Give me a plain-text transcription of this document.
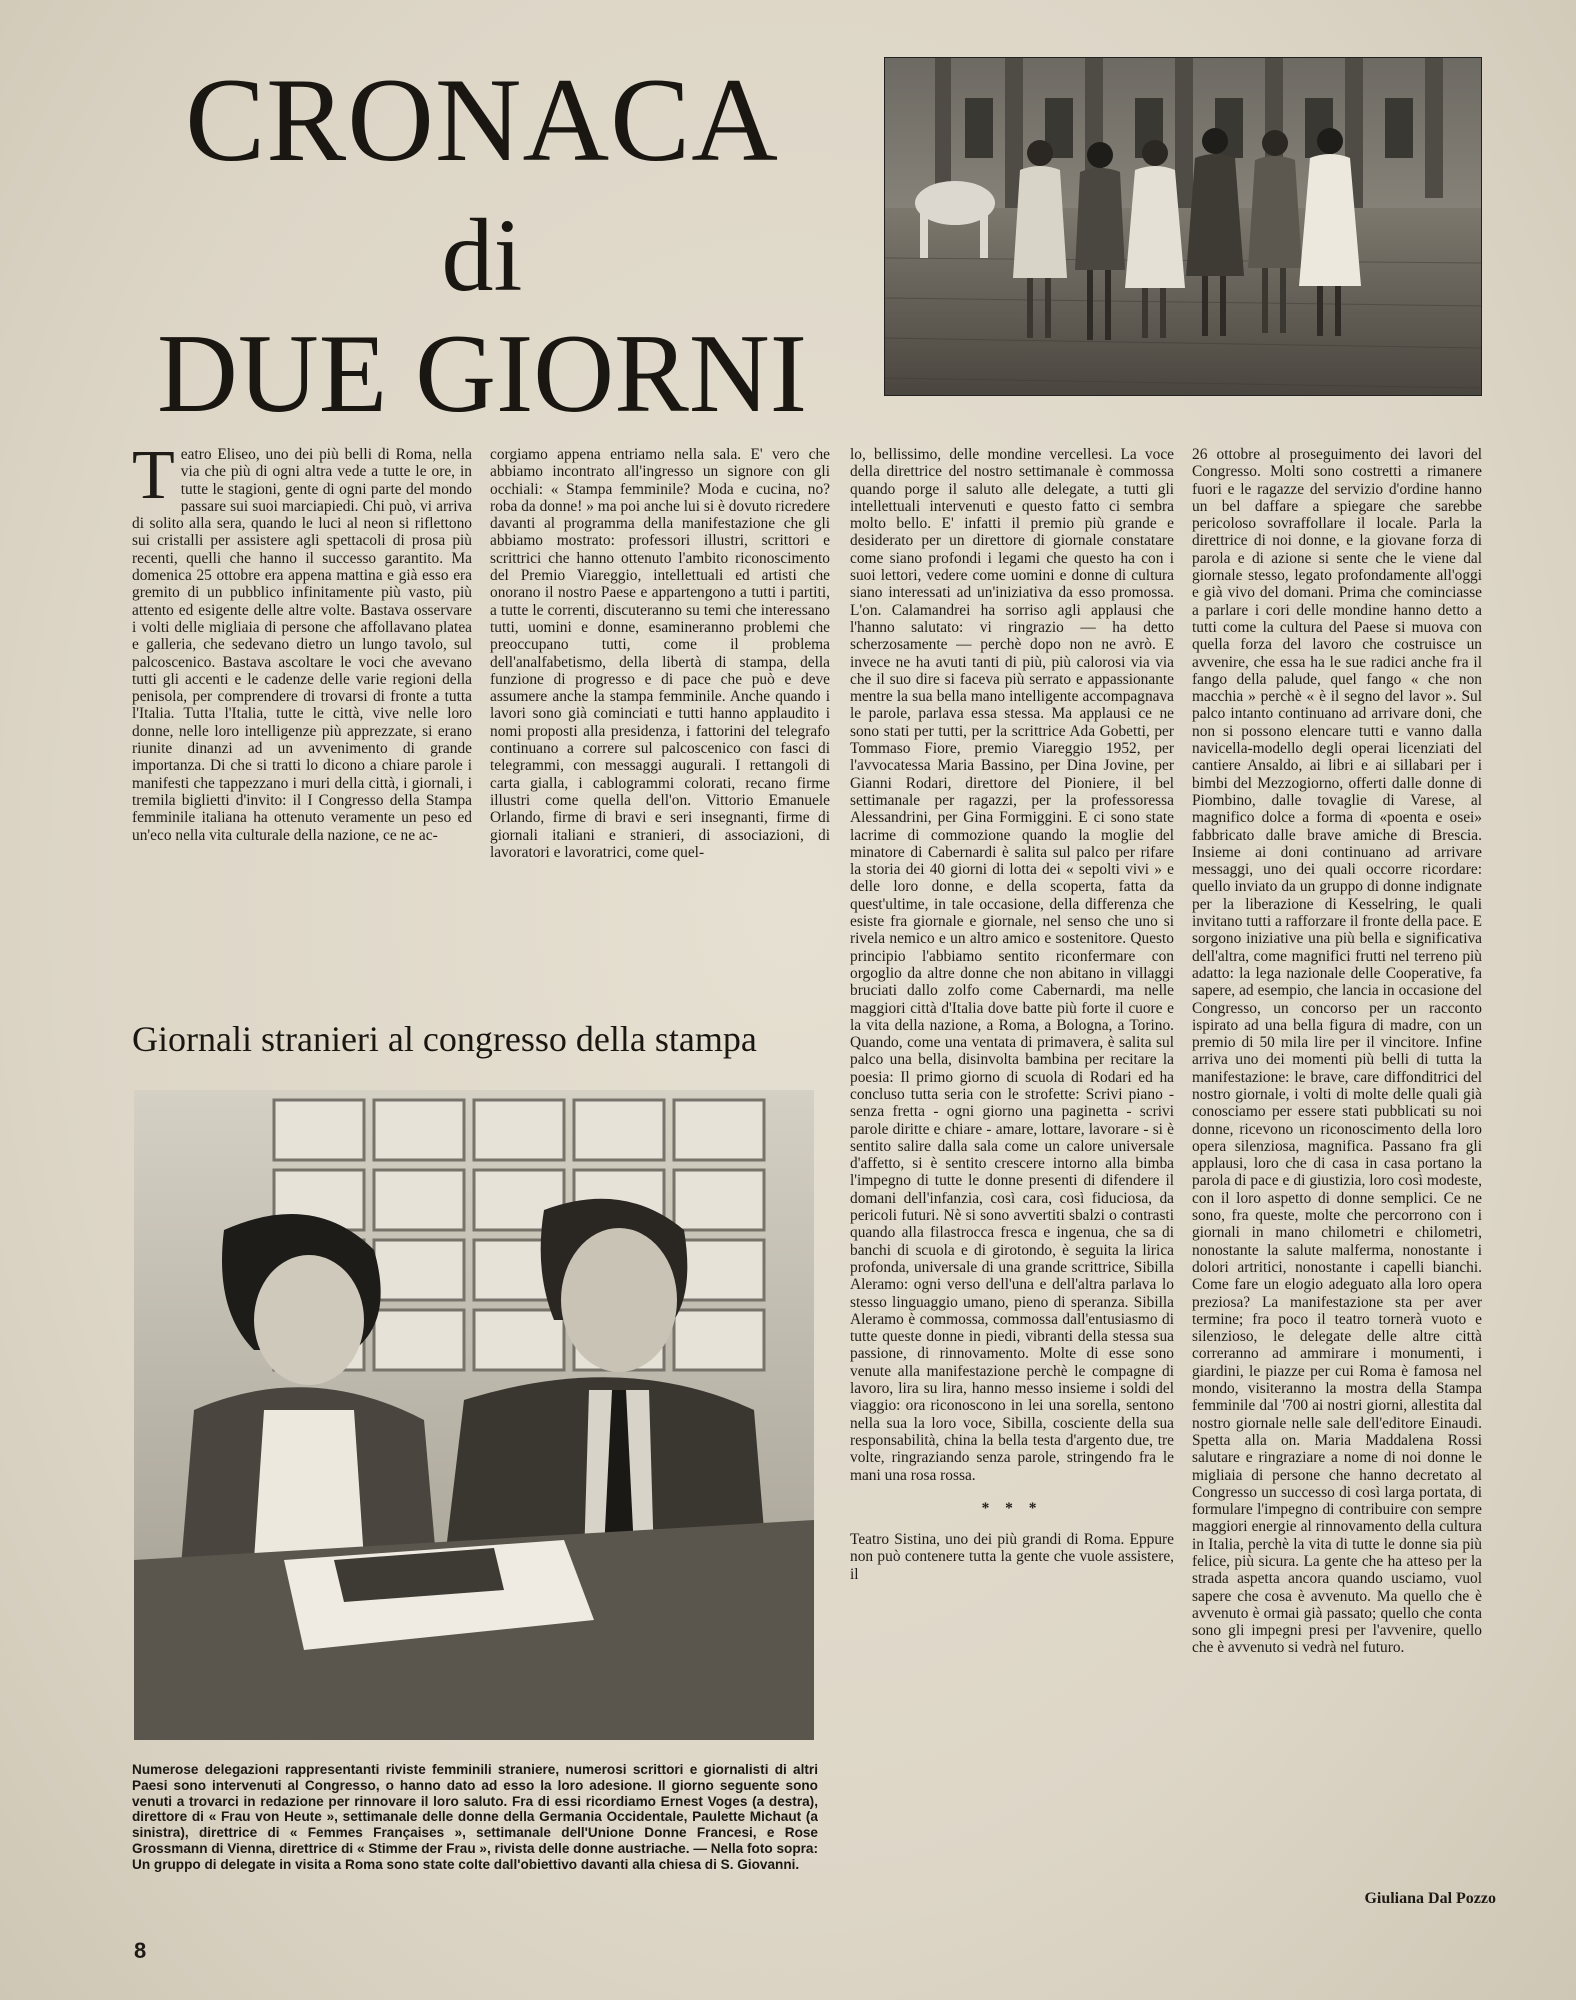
CRONACA
di
DUE GIORNI
Teatro Eliseo, uno dei più belli di Roma, nella via che più di ogni altra vede a tutte le ore, in tutte le stagioni, gente di ogni parte del mondo passare sui suoi marciapiedi. Chi può, vi arriva di solito alla sera, quando le luci al neon si riflettono sui cristalli per assistere agli spettacoli di prosa più recenti, quelli che hanno il successo garantito. Ma domenica 25 ottobre era appena mattina e già esso era gremito di un pubblico infinitamente più vasto, più attento ed esigente delle altre volte. Bastava osservare i volti delle migliaia di persone che affollavano platea e galleria, che sedevano dietro un lungo tavolo, sul palcoscenico. Bastava ascoltare le voci che avevano tutti gli accenti e le cadenze delle varie regioni della penisola, per comprendere di trovarsi di fronte a tutta l'Italia. Tutta l'Italia, tutte le città, vive nelle loro donne, nelle loro intelligenze più apprezzate, si erano riunite dinanzi ad un avvenimento di grande importanza. Di che si tratti lo dicono a chiare parole i manifesti che tappezzano i muri della città, i giornali, i tremila biglietti d'invito: il I Congresso della Stampa femminile italiana ha ottenuto veramente un peso ed un'eco nella vita culturale della nazione, ce ne ac-

corgiamo appena entriamo nella sala. E' vero che abbiamo incontrato all'ingresso un signore con gli occhiali: « Stampa femminile? Moda e cucina, no? roba da donne! » ma poi anche lui si è dovuto ricredere davanti al programma della manifestazione che gli abbiamo mostrato: professori illustri, scrittori e scrittrici che hanno ottenuto l'ambito riconoscimento del Premio Viareggio, intellettuali ed artisti che onorano il nostro Paese e appartengono a tutti i partiti, a tutte le correnti, discuteranno su temi che interessano tutti, uomini e donne, esamineranno problemi che preoccupano tutti, come il problema dell'analfabetismo, della libertà di stampa, della funzione di progresso e di pace che può e deve assumere anche la stampa femminile. Anche quando i lavori sono già cominciati e tutti hanno applaudito i nomi proposti alla presidenza, i fattorini del telegrafo continuano a correre sul palcoscenico con fasci di telegrammi, con messaggi augurali. I rettangoli di carta gialla, i cablogrammi colorati, recano firme illustri come quella dell'on. Vittorio Emanuele Orlando, firme di bravi e seri insegnanti, firme di giornali italiani e stranieri, di associazioni, di lavoratori e lavoratrici, come quel-

lo, bellissimo, delle mondine vercellesi. La voce della direttrice del nostro settimanale è commossa quando porge il saluto alle delegate, a tutti gli intellettuali intervenuti e questo fatto ci sembra molto bello. E' infatti il premio più grande e desiderato per un direttore di giornale constatare come siano profondi i legami che questo ha con i suoi lettori, vedere come uomini e donne di cultura siano interessati ad un'iniziativa da esso promossa. L'on. Calamandrei ha sorriso agli applausi che l'hanno salutato: vi ringrazio — ha detto scherzosamente — perchè dopo non ne avrò. E invece ne ha avuti tanti di più, più calorosi via via che il suo dire si faceva più serrato e appassionante mentre la sua bella mano intelligente accompagnava le parole, parlava essa stessa. Ma applausi ce ne sono stati per tutti, per la scrittrice Ada Gobetti, per Tommaso Fiore, premio Viareggio 1952, per l'avvocatessa Maria Bassino, per Dina Jovine, per Gianni Rodari, direttore del Pioniere, il bel settimanale per ragazzi, per la professoressa Alessandrini, per Gina Formiggini. E ci sono state lacrime di commozione quando la moglie del minatore di Cabernardi è salita sul palco per rifare la storia dei 40 giorni di lotta dei « sepolti vivi » e delle loro donne, e della scoperta, fatta da quest'ultime, in tale occasione, della differenza che esiste fra giornale e giornale, nel senso che uno si rivela nemico e un altro amico e sostenitore. Questo principio l'abbiamo sentito riconfermare con orgoglio da altre donne che non abitano in villaggi bruciati dallo zolfo come Cabernardi, ma nelle maggiori città d'Italia dove batte più forte il cuore e la vita della nazione, a Roma, a Bologna, a Torino. Quando, come una ventata di primavera, è salita sul palco una bella, disinvolta bambina per recitare la poesia: Il primo giorno di scuola di Rodari ed ha concluso tutta seria con le strofette: Scrivi piano - senza fretta - ogni giorno una paginetta - scrivi parole diritte e chiare - amare, lottare, lavorare - si è sentito salire dalla sala come un calore universale d'affetto, si è sentito crescere intorno alla bimba l'impegno di tutte le donne presenti di difendere il domani dell'infanzia, così cara, così fiduciosa, da pericoli futuri. Nè si sono avvertiti sbalzi o contrasti quando alla filastrocca fresca e ingenua, che sa di banchi di scuola e di girotondo, è seguita la lirica profonda, universale di una grande scrittrice, Sibilla Aleramo: ogni verso dell'una e dell'altra parlava lo stesso linguaggio umano, pieno di speranza. Sibilla Aleramo è commossa, commossa dall'entusiasmo di tutte queste donne in piedi, vibranti della stessa sua passione, di rinnovamento. Molte di esse sono venute alla manifestazione perchè le compagne di lavoro, lira su lira, hanno messo insieme i soldi del viaggio: ora riconoscono in lei una sorella, sentono nella sua la loro voce, Sibilla, cosciente della sua responsabilità, china la bella testa d'argento due, tre volte, ringraziando senza parole, stringendo fra le mani una rosa rossa.

* * *

Teatro Sistina, uno dei più grandi di Roma. Eppure non può contenere tutta la gente che vuole assistere, il

26 ottobre al proseguimento dei lavori del Congresso. Molti sono costretti a rimanere fuori e le ragazze del servizio d'ordine hanno un bel daffare a spiegare che sarebbe pericoloso sovraffollare il locale. Parla la direttrice di noi donne, e la giovane forza di parola e di azione si sente che le viene dal giornale stesso, legato profondamente all'oggi e già vivo del domani. Prima che cominciasse a parlare i cori delle mondine hanno detto a tutti come la cultura del Paese si muova con quella forza del lavoro che costruisce un avvenire, che essa ha le sue radici anche fra il fango della palude, quel fango « che non macchia » perchè « è il segno del lavor ». Sul palco intanto continuano ad arrivare doni, che non si possono elencare tutti e vanno dalla navicella-modello degli operai licenziati del cantiere Ansaldo, ai libri e ai sillabari per i bimbi del Mezzogiorno, offerti dalle donne di Piombino, dalle tovaglie di Varese, al magnifico dolce a forma di «poenta e osei» fabbricato dalle brave amiche di Brescia. Insieme ai doni continuano ad arrivare messaggi, uno dei quali occorre ricordare: quello inviato da un gruppo di donne indignate per la liberazione di Kesselring, le quali invitano tutti a rafforzare il fronte della pace. E sorgono iniziative una più bella e significativa dell'altra, come magnifici frutti nel terreno più adatto: la lega nazionale delle Cooperative, fa sapere, ad esempio, che lancia in occasione del Congresso, un concorso per un racconto ispirato ad una bella figura di madre, con un premio di 50 mila lire per il vincitore. Infine arriva uno dei momenti più belli di tutta la manifestazione: le brave, care diffonditrici del nostro giornale, i volti di molte delle quali già conosciamo per essere stati pubblicati su noi donne, ricevono un riconoscimento della loro opera silenziosa, magnifica. Passano fra gli applausi, loro che di casa in casa portano la parola di pace e di giustizia, loro così modeste, con il loro aspetto di donne semplici. Ce ne sono, fra queste, molte che percorrono con i giornali in mano chilometri e chilometri, nonostante la salute malferma, nonostante i dolori artritici, nonostante i capelli bianchi. Come fare un elogio adeguato alla loro opera preziosa? La manifestazione sta per aver termine; fra poco il teatro tornerà vuoto e silenzioso, le delegate delle altre città correranno ad ammirare i monumenti, i giardini, le piazze per cui Roma è famosa nel mondo, visiteranno la mostra della Stampa femminile dal '700 ai nostri giorni, allestita dal nostro giornale nelle sale dell'editore Einaudi. Spetta alla on. Maria Maddalena Rossi salutare e ringraziare a nome di noi donne le migliaia di persone che hanno decretato al Congresso un successo di così larga portata, di formulare l'impegno di contribuire con sempre maggiori energie al rinnovamento della cultura in Italia, perchè la vita di tutte le donne sia più felice, più sicura. La gente che ha atteso per la strada aspetta ancora quando usciamo, vuol sapere che cosa è avvenuto. Ma quello che è avvenuto è ormai già passato; quello che conta sono gli impegni presi per l'avvenire, quello che è avvenuto si vedrà nel futuro.

Giornali stranieri al congresso della stampa
Numerose delegazioni rappresentanti riviste femminili straniere, numerosi scrittori e giornalisti di altri Paesi sono intervenuti al Congresso, o hanno dato ad esso la loro adesione. Il giorno seguente sono venuti a trovarci in redazione per rinnovare il loro saluto. Fra di essi ricordiamo Ernest Voges (a destra), direttore di « Frau von Heute », settimanale delle donne della Germania Occidentale, Paulette Michaut (a sinistra), direttrice di « Femmes Françaises », settimanale dell'Unione Donne Francesi, e Rose Grossmann di Vienna, direttrice di « Stimme der Frau », rivista delle donne austriache. — Nella foto sopra: Un gruppo di delegate in visita a Roma sono state colte dall'obiettivo davanti alla chiesa di S. Giovanni.
Giuliana Dal Pozzo
8
